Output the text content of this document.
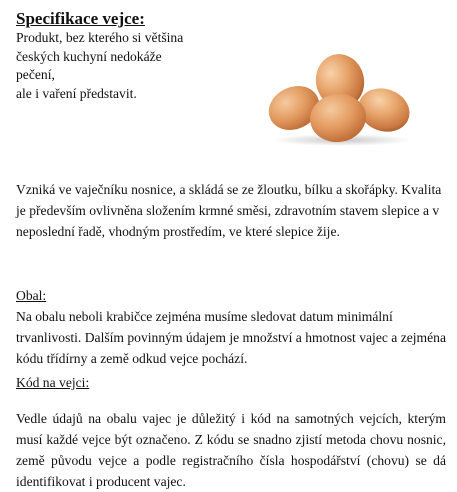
Specifikace vejce:

Produkt, bez kterého si většina
českých kuchyní nedokáže
pečení,
ale i vaření představit.

Vzniká ve vaječníku nosnice, a skládá se ze žloutku, bílku a skořápky. Kvalita je především ovlivněna složením krmné směsi, zdravotním stavem slepice a v neposlední řadě, vhodným prostředím, ve které slepice žije.

Obal:

Na obalu neboli krabičce zejména musíme sledovat datum minimální trvanlivosti. Dalším povinným údajem je množství a hmotnost vajec a zejména kódu třídírny a země odkud vejce pochází.

Kód na vejci:

Vedle údajů na obalu vajec je důležitý i kód na samotných vejcích, kterým musí každé vejce být označeno. Z kódu se snadno zjistí metoda chovu nosnic, země původu vejce a podle registračního čísla hospodářství (chovu) se dá identifikovat i producent vajec.
